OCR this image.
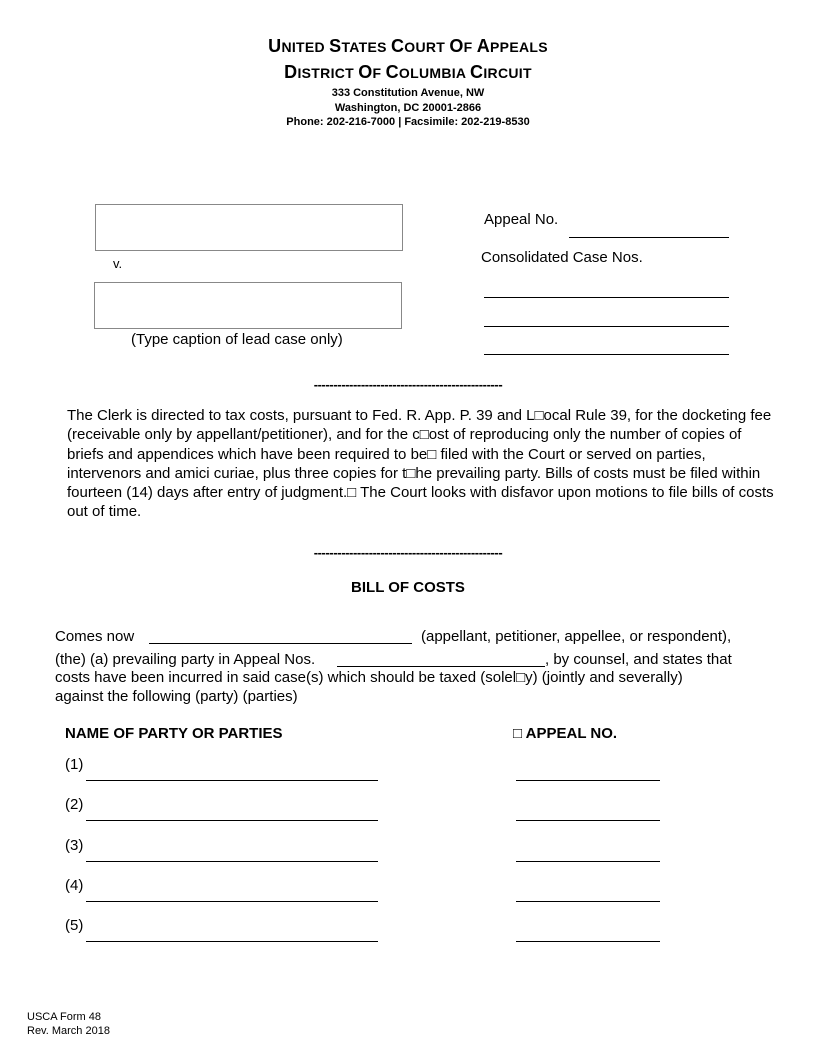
UNITED STATES COURT OF APPEALS
DISTRICT OF COLUMBIA CIRCUIT
333 Constitution Avenue, NW
Washington, DC 20001-2866
Phone: 202-216-7000 | Facsimile: 202-219-8530
v.
(Type caption of lead case only)
Appeal No.
Consolidated Case Nos.
------------------------------------------------
The Clerk is directed to tax costs, pursuant to Fed. R. App. P. 39 and L□ocal Rule 39, for the docketing fee (receivable only by appellant/petitioner), and for the c□ost of reproducing only the number of copies of briefs and appendices which have been required to be□ filed with the Court or served on parties, intervenors and amici curiae, plus three copies for t□he prevailing party. Bills of costs must be filed within fourteen (14) days after entry of judgment.□ The Court looks with disfavor upon motions to file bills of costs out of time.
------------------------------------------------
BILL OF COSTS
Comes now	(appellant, petitioner, appellee, or respondent),
(the) (a) prevailing party in Appeal Nos.	, by counsel, and states that
costs have been incurred in said case(s) which should be taxed (solel□y) (jointly and severally)
against the following (party) (parties)
NAME OF PARTY OR PARTIES	□ APPEAL NO.
(1)
(2)
(3)
(4)
(5)
USCA Form 48
Rev. March 2018
